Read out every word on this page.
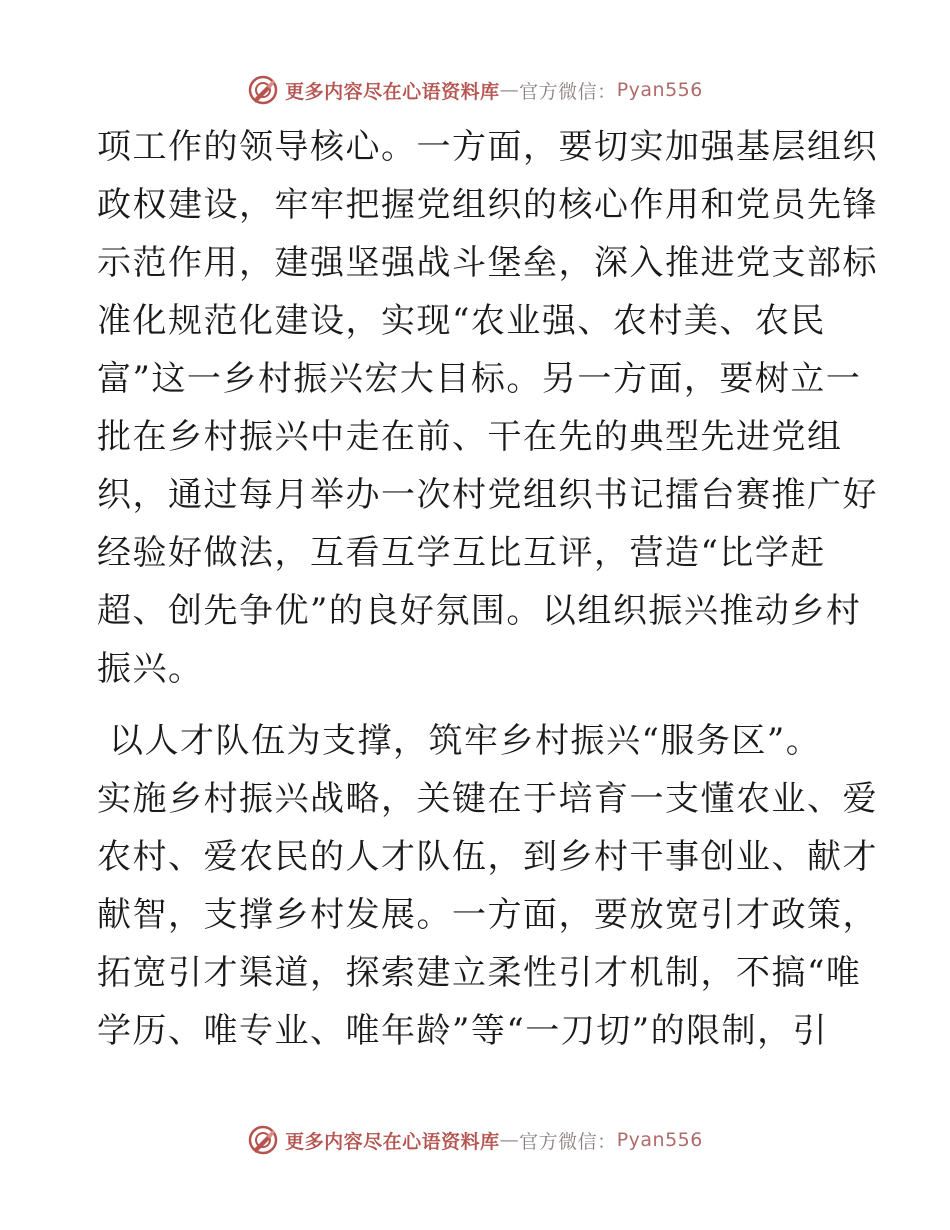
更多内容尽在心语资料库 — 官方微信： Pyan556
项工作的领导核心。一方面，要切实加强基层组织
政权建设，牢牢把握党组织的核心作用和党员先锋
示范作用，建强坚强战斗堡垒，深入推进党支部标
准化规范化建设，实现“农业强、农村美、农民
富”这一乡村振兴宏大目标。另一方面，要树立一
批在乡村振兴中走在前、干在先的典型先进党组
织，通过每月举办一次村党组织书记擂台赛推广好
经验好做法，互看互学互比互评，营造“比学赶
超、创先争优”的良好氛围。以组织振兴推动乡村
振兴。
以人才队伍为支撑，筑牢乡村振兴“服务区”。
实施乡村振兴战略，关键在于培育一支懂农业、爱
农村、爱农民的人才队伍，到乡村干事创业、献才
献智，支撑乡村发展。一方面，要放宽引才政策，
拓宽引才渠道，探索建立柔性引才机制，不搞“唯
学历、唯专业、唯年龄”等“一刀切”的限制，引
更多内容尽在心语资料库 — 官方微信： Pyan556
